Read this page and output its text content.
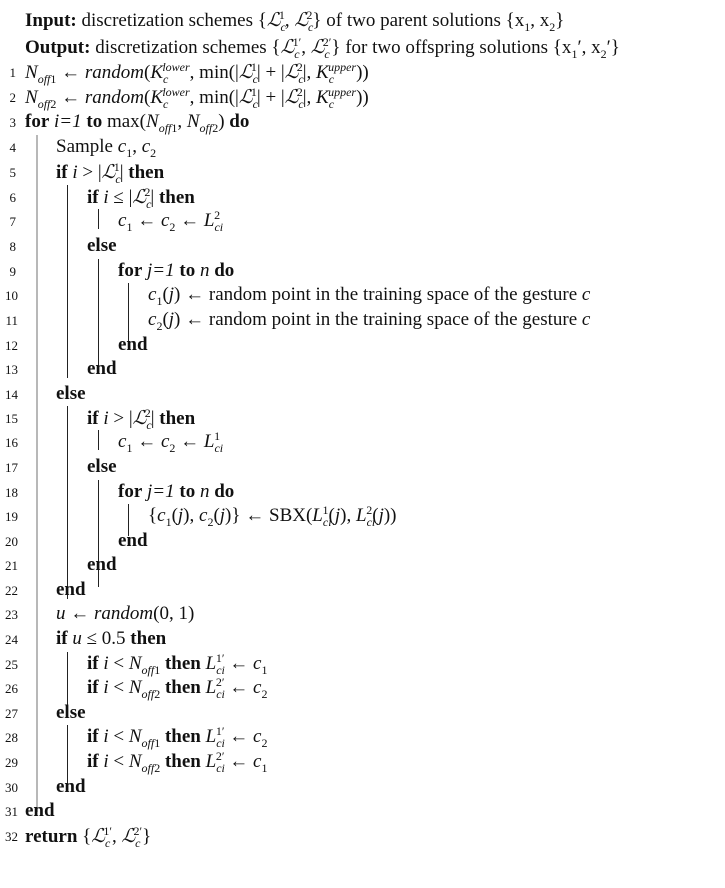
Input: discretization schemes {ℒ$_c^1$, ℒ$_c^2$} of two parent solutions {$x_1$, $x_2$}
Output: discretization schemes {ℒ$_c^{1'}$, ℒ$_c^{2'}$} for two offspring solutions {$x_1'$, $x_2'$}
1 $N_{off1}$ ← $random(K_c^{lower}$, min(|ℒ$_c^1$| + |ℒ$_c^2$|, $K_c^{upper}$))
2 $N_{off2}$ ← $random(K_c^{lower}$, min(|ℒ$_c^1$| + |ℒ$_c^2$|, $K_c^{upper}$))
3 for i=1 to $\max(N_{off1}$, $N_{off2}$) do
4 Sample $c_1$, $c_2$
5 if i > |ℒ$_c^1$| then
6	if i ≤ |ℒ$_c^2$| then
7	$c_1$ ← $c_2$ ← $L_{ci}^2$
8	else
9	for j=1 to n do
10	$c_1(j)$ ← random point in the training space of the gesture c
11	$c_2(j)$ ← random point in the training space of the gesture c
12	end
13	end
14 else
15	if i > |ℒ$_c^2$| then
16	$c_1$ ← $c_2$ ← $L_{ci}^1$
17	else
18	for j=1 to n do
19	{$c_1(j)$, $c_2(j)$} ← $SBX(L_{ci}^1(j)$, $L_{ci}^2(j)$)
20	end
21	end
22 end
23 u ← random(0, 1)
24 if u ≤ 0.5 then
25	if $i < N_{off1}$ then $L_{ci}^{1'}$ ← $c_1$
26	if $i < N_{off2}$ then $L_{ci}^{2'}$ ← $c_2$
27 else
28	if $i < N_{off1}$ then $L_{ci}^{1'}$ ← $c_2$
29	if $i < N_{off2}$ then $L_{ci}^{2'}$ ← $c_1$
30 end
31 end
32 return {ℒ$_c^{1'}$, ℒ$_c^{2'}$}
